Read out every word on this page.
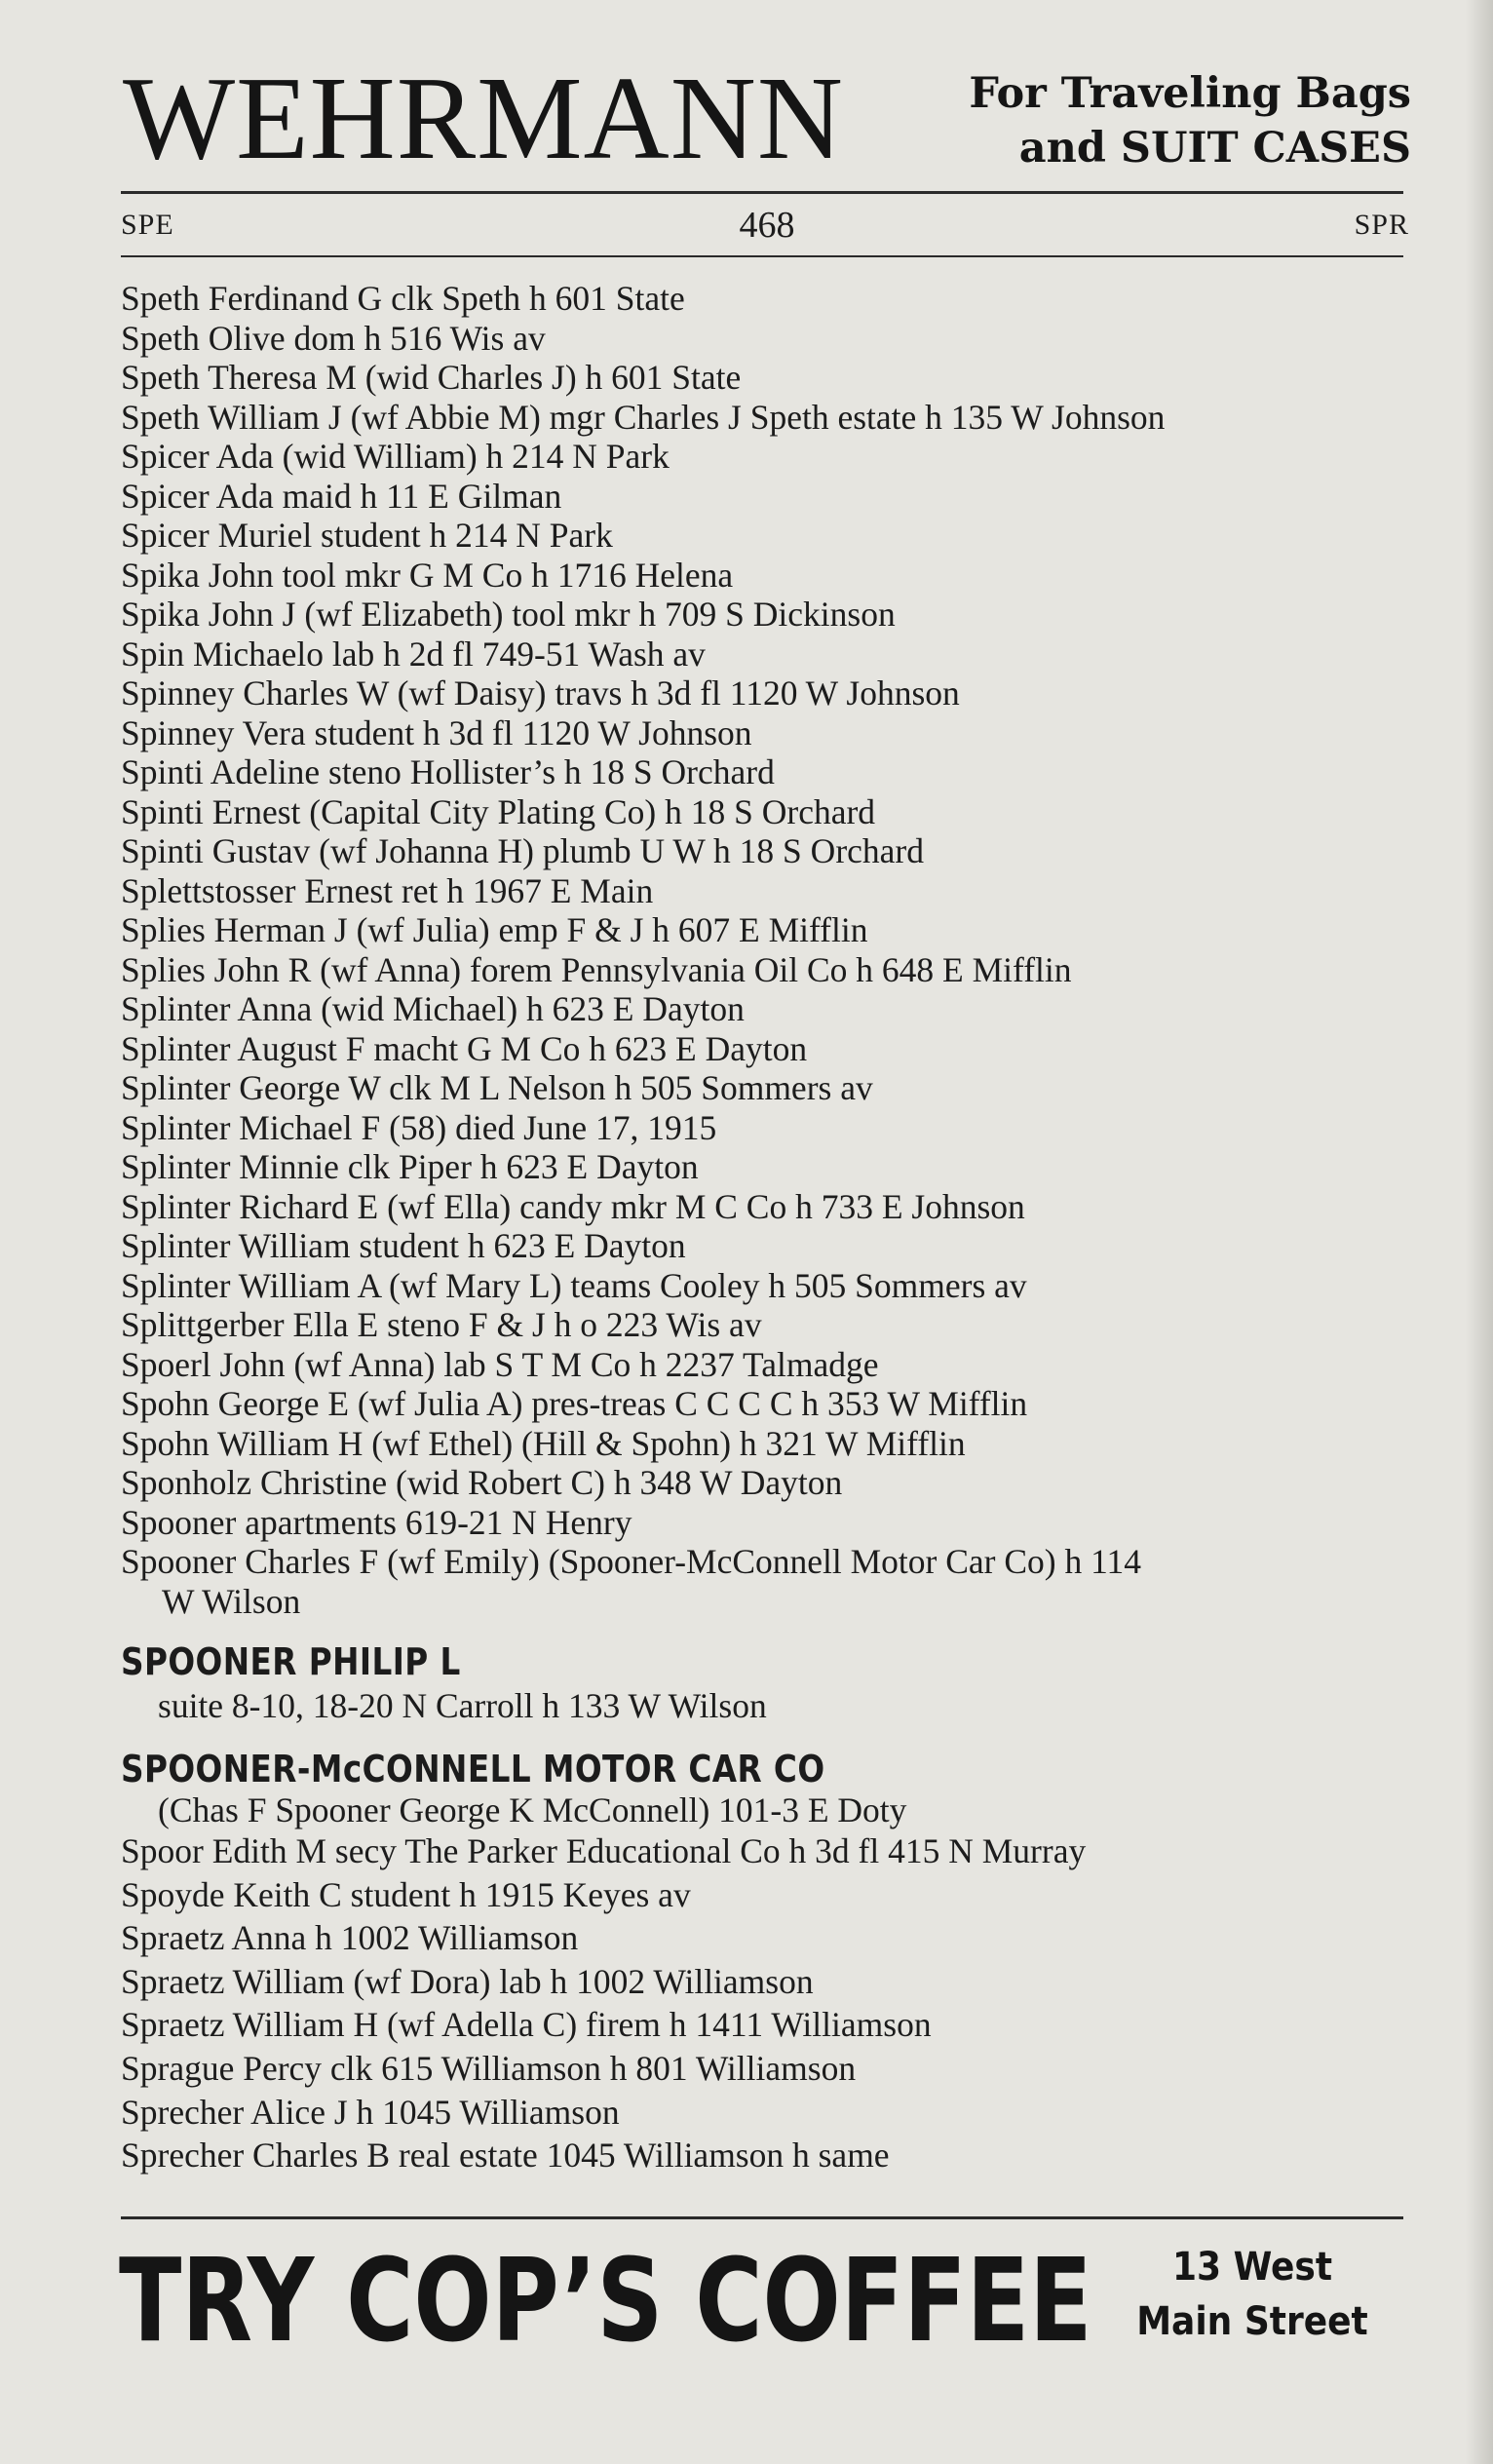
WEHRMANN	For Traveling Bags
and SUIT CASES
SPE	468	SPR
Speth Ferdinand G clk Speth h 601 State
Speth Olive dom h 516 Wis av
Speth Theresa M (wid Charles J) h 601 State
Speth William J (wf Abbie M) mgr Charles J Speth estate h 135 W Johnson
Spicer Ada (wid William) h 214 N Park
Spicer Ada maid h 11 E Gilman
Spicer Muriel student h 214 N Park
Spika John tool mkr G M Co h 1716 Helena
Spika John J (wf Elizabeth) tool mkr h 709 S Dickinson
Spin Michaelo lab h 2d fl 749-51 Wash av
Spinney Charles W (wf Daisy) travs h 3d fl 1120 W Johnson
Spinney Vera student h 3d fl 1120 W Johnson
Spinti Adeline steno Hollister’s h 18 S Orchard
Spinti Ernest (Capital City Plating Co) h 18 S Orchard
Spinti Gustav (wf Johanna H) plumb U W h 18 S Orchard
Splettstosser Ernest ret h 1967 E Main
Splies Herman J (wf Julia) emp F & J h 607 E Mifflin
Splies John R (wf Anna) forem Pennsylvania Oil Co h 648 E Mifflin
Splinter Anna (wid Michael) h 623 E Dayton
Splinter August F macht G M Co h 623 E Dayton
Splinter George W clk M L Nelson h 505 Sommers av
Splinter Michael F (58) died June 17, 1915
Splinter Minnie clk Piper h 623 E Dayton
Splinter Richard E (wf Ella) candy mkr M C Co h 733 E Johnson
Splinter William student h 623 E Dayton
Splinter William A (wf Mary L) teams Cooley h 505 Sommers av
Splittgerber Ella E steno F & J h o 223 Wis av
Spoerl John (wf Anna) lab S T M Co h 2237 Talmadge
Spohn George E (wf Julia A) pres-treas C C C C h 353 W Mifflin
Spohn William H (wf Ethel) (Hill & Spohn) h 321 W Mifflin
Sponholz Christine (wid Robert C) h 348 W Dayton
Spooner apartments 619-21 N Henry
Spooner Charles F (wf Emily) (Spooner-McConnell Motor Car Co) h 114
W Wilson
SPOONER PHILIP L
suite 8-10, 18-20 N Carroll h 133 W Wilson
SPOONER-McCONNELL MOTOR CAR CO
(Chas F Spooner George K McConnell) 101-3 E Doty
Spoor Edith M secy The Parker Educational Co h 3d fl 415 N Murray
Spoyde Keith C student h 1915 Keyes av
Spraetz Anna h 1002 Williamson
Spraetz William (wf Dora) lab h 1002 Williamson
Spraetz William H (wf Adella C) firem h 1411 Williamson
Sprague Percy clk 615 Williamson h 801 Williamson
Sprecher Alice J h 1045 Williamson
Sprecher Charles B real estate 1045 Williamson h same
TRY COP’S COFFEE	13 West
Main Street
